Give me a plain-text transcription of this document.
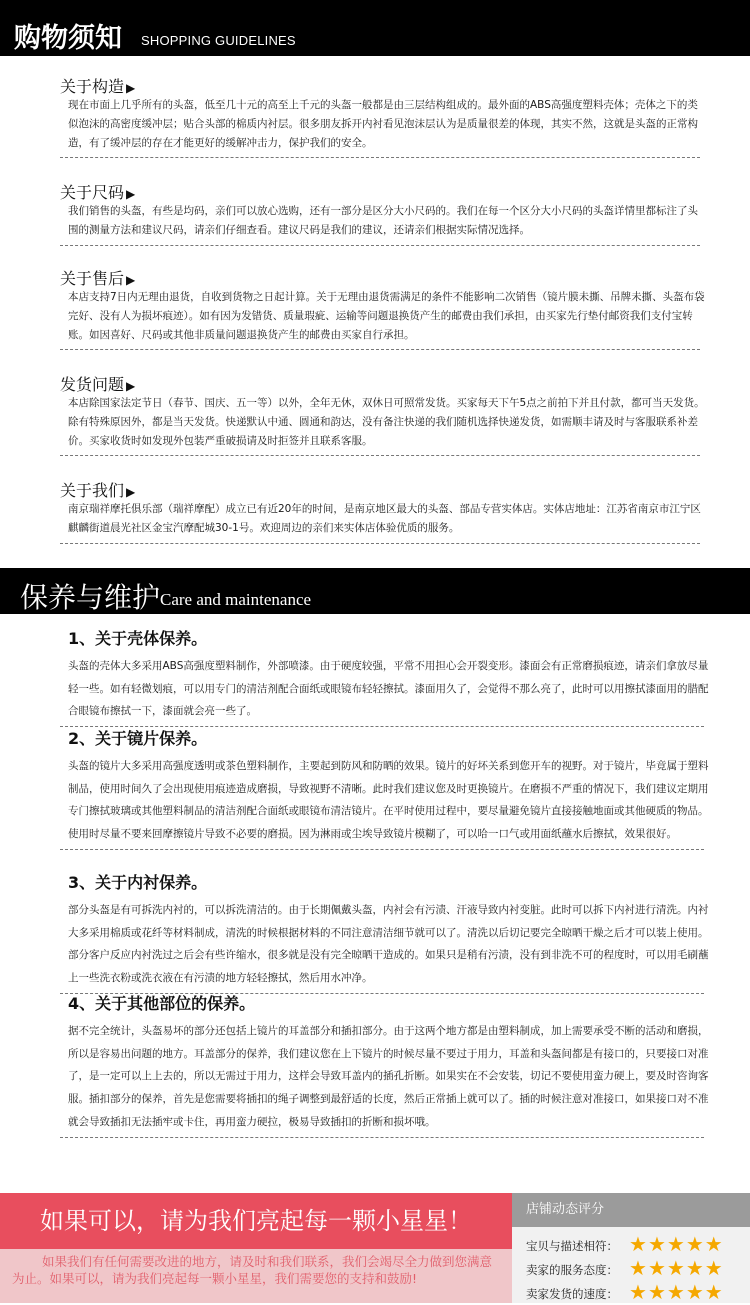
购物须知 SHOPPING GUIDELINES
关于构造 ▶

现在市面上几乎所有的头盔，低至几十元的高至上千元的头盔一般都是由三层结构组成的。最外面的ABS高强度塑料壳体；壳体之下的类似泡沫的高密度缓冲层；贴合头部的棉质内衬层。很多朋友拆开内衬看见泡沫层认为是质量很差的体现，其实不然，这就是头盔的正常构造，有了缓冲层的存在才能更好的缓解冲击力，保护我们的安全。

关于尺码 ▶

我们销售的头盔，有些是均码，亲们可以放心选购，还有一部分是区分大小尺码的。我们在每一个区分大小尺码的头盔详情里都标注了头围的测量方法和建议尺码，请亲们仔细查看。建议尺码是我们的建议，还请亲们根据实际情况选择。

关于售后 ▶

本店支持7日内无理由退货，自收到货物之日起计算。关于无理由退货需满足的条件不能影响二次销售（镜片膜未撕、吊牌未撕、头盔布袋完好、没有人为损坏痕迹）。如有因为发错货、质量瑕疵、运输等问题退换货产生的邮费由我们承担，由买家先行垫付邮资我们支付宝转账。如因喜好、尺码或其他非质量问题退换货产生的邮费由买家自行承担。

发货问题 ▶

本店除国家法定节日（春节、国庆、五一等）以外，全年无休，双休日可照常发货。买家每天下午5点之前拍下并且付款，都可当天发货。除有特殊原因外，都是当天发货。快递默认中通、圆通和韵达，没有备注快递的我们随机选择快递发货，如需顺丰请及时与客服联系补差价。买家收货时如发现外包装严重破损请及时拒签并且联系客服。

关于我们 ▶

南京瑞祥摩托俱乐部（瑞祥摩配）成立已有近20年的时间，是南京地区最大的头盔、部品专营实体店。实体店地址：江苏省南京市江宁区麒麟街道晨光社区金宝汽摩配城30-1号。欢迎周边的亲们来实体店体验优质的服务。

保养与维护 Care and maintenance
1、关于壳体保养。

头盔的壳体大多采用ABS高强度塑料制作，外部喷漆。由于硬度较强，平常不用担心会开裂变形。漆面会有正常磨损痕迹，请亲们拿放尽量轻一些。如有轻微划痕，可以用专门的清洁剂配合面纸或眼镜布轻轻擦拭。漆面用久了，会觉得不那么亮了，此时可以用擦拭漆面用的腊配合眼镜布擦拭一下，漆面就会亮一些了。

2、关于镜片保养。

头盔的镜片大多采用高强度透明或茶色塑料制作，主要起到防风和防晒的效果。镜片的好坏关系到您开车的视野。对于镜片，毕竟属于塑料制品，使用时间久了会出现使用痕迹造成磨损，导致视野不清晰。此时我们建议您及时更换镜片。在磨损不严重的情况下，我们建议定期用专门擦拭玻璃或其他塑料制品的清洁剂配合面纸或眼镜布清洁镜片。在平时使用过程中，要尽量避免镜片直接接触地面或其他硬质的物品。使用时尽量不要来回摩擦镜片导致不必要的磨损。因为淋雨或尘埃导致镜片模糊了，可以哈一口气或用面纸蘸水后擦拭，效果很好。

3、关于内衬保养。

部分头盔是有可拆洗内衬的，可以拆洗清洁的。由于长期佩戴头盔，内衬会有污渍、汗液导致内衬变脏。此时可以拆下内衬进行清洗。内衬大多采用棉质或花纤等材料制成，清洗的时候根据材料的不同注意清洁细节就可以了。清洗以后切记要完全晾晒干燥之后才可以装上使用。部分客户反应内衬洗过之后会有些许缩水，很多就是没有完全晾晒干造成的。如果只是稍有污渍，没有到非洗不可的程度时，可以用毛刷蘸上一些洗衣粉或洗衣液在有污渍的地方轻轻擦拭，然后用水冲净。

4、关于其他部位的保养。

据不完全统计，头盔易坏的部分还包括上镜片的耳盖部分和插扣部分。由于这两个地方都是由塑料制成，加上需要承受不断的活动和磨损，所以是容易出问题的地方。耳盖部分的保养，我们建议您在上下镜片的时候尽量不要过于用力，耳盖和头盔间都是有接口的，只要接口对准了，是一定可以上上去的，所以无需过于用力，这样会导致耳盖内的插孔折断。如果实在不会安装，切记不要使用蛮力硬上，要及时咨询客服。插扣部分的保养，首先是您需要将插扣的绳子调整到最舒适的长度，然后正常插上就可以了。插的时候注意对准接口，如果接口对不准就会导致插扣无法插牢或卡住，再用蛮力硬拉，极易导致插扣的折断和损坏哦。

如果可以，请为我们亮起每一颗小星星！
如果我们有任何需要改进的地方，请及时和我们联系，我们会竭尽全力做到您满意为止。如果可以，请为我们亮起每一颗小星星，我们需要您的支持和鼓励!
店铺动态评分
宝贝与描述相符： ★★★★★
卖家的服务态度： ★★★★★
卖家发货的速度： ★★★★★
